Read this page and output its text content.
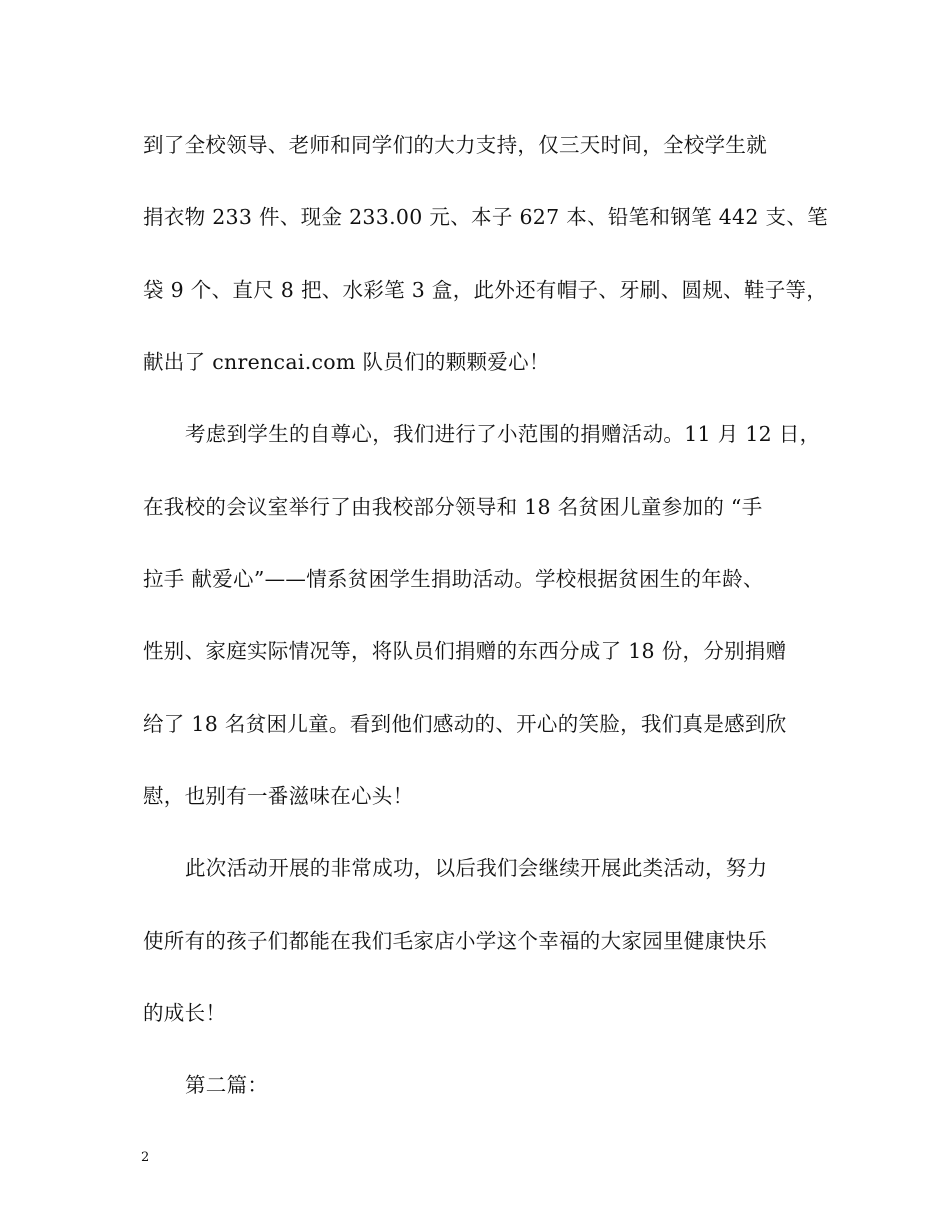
到了全校领导、老师和同学们的大力支持，仅三天时间，全校学生就
捐衣物 233 件、现金 233.00 元、本子 627 本、铅笔和钢笔 442 支、笔
袋 9 个、直尺 8 把、水彩笔 3 盒，此外还有帽子、牙刷、圆规、鞋子等，
献出了 cnrencai.com 队员们的颗颗爱心！
考虑到学生的自尊心，我们进行了小范围的捐赠活动。11 月 12 日，
在我校的会议室举行了由我校部分领导和 18 名贫困儿童参加的 “手
拉手 献爱心”——情系贫困学生捐助活动。学校根据贫困生的年龄、
性别、家庭实际情况等，将队员们捐赠的东西分成了 18 份，分别捐赠
给了 18 名贫困儿童。看到他们感动的、开心的笑脸，我们真是感到欣
慰，也别有一番滋味在心头！
此次活动开展的非常成功，以后我们会继续开展此类活动，努力
使所有的孩子们都能在我们毛家店小学这个幸福的大家园里健康快乐
的成长！
第二篇：
2
